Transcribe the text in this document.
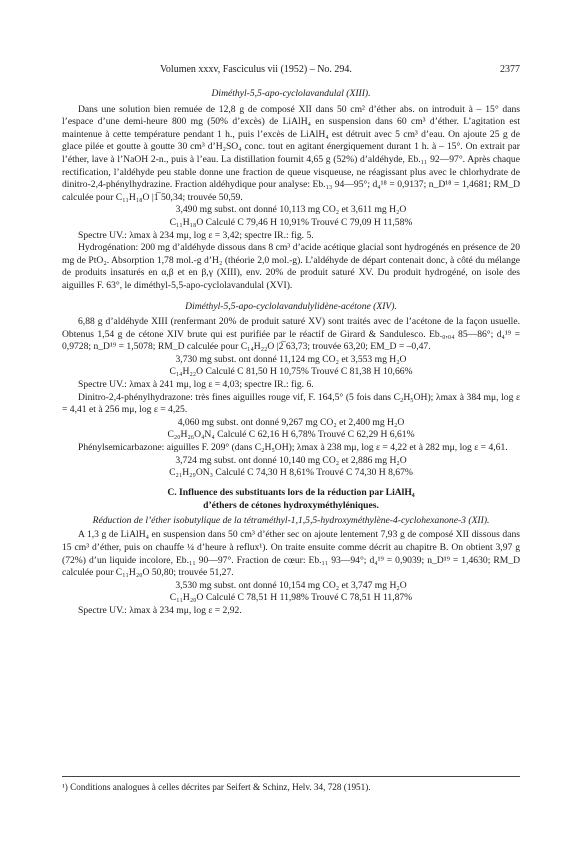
Volumen xxxv, Fasciculus vii (1952) – No. 294.	2377
Diméthyl-5,5-apo-cyclolavandulal (XIII).
Dans une solution bien remuée de 12,8 g de composé XII dans 50 cm² d’éther abs. on introduit à – 15° dans l’espace d’une demi-heure 800 mg (50% d’excès) de LiAlH₄ en suspension dans 60 cm³ d’éther. L’agitation est maintenue à cette température pendant 1 h., puis l’excès de LiAlH₄ est détruit avec 5 cm³ d’eau. On ajoute 25 g de glace pilée et goutte à goutte 30 cm³ d’H₂SO₄ conc. tout en agitant énergiquement durant 1 h. à – 15°. On extrait par l’éther, lave à l’NaOH 2-n., puis à l’eau. La distillation fournit 4,65 g (52%) d’aldéhyde, Eb.₁₁ 92—97°. Après chaque rectification, l’aldéhyde peu stable donne une fraction de queue visqueuse, ne réagissant plus avec le chlorhydrate de dinitro-2,4-phénylhydrazine. Fraction aldéhydique pour analyse: Eb.₁₃ 94—95°; d₄¹⁸ = 0,9137; n_D¹⁸ = 1,4681; RM_D calculée pour C₁₁H₁₈O |1̅ 50,34; trouvée 50,59.
3,490 mg subst. ont donné 10,113 mg CO₂ et 3,611 mg H₂O
C₁₁H₁₈O Calculé C 79,46 H 10,91% Trouvé C 79,09 H 11,58%
Spectre UV.: λmax à 234 mμ, log ε = 3,42; spectre IR.: fig. 5.
Hydrogénation: 200 mg d’aldéhyde dissous dans 8 cm³ d’acide acétique glacial sont hydrogénés en présence de 20 mg de PtO₂. Absorption 1,78 mol.-g d’H₂ (théorie 2,0 mol.-g). L’aldéhyde de départ contenait donc, à côté du mélange de produits insaturés en α,β et en β,γ (XIII), env. 20% de produit saturé XV. Du produit hydrogéné, on isole des aiguilles F. 63°, le diméthyl-5,5-apo-cyclolavandulal (XVI).
Diméthyl-5,5-apo-cyclolavandulylidène-acétone (XIV).
6,88 g d’aldéhyde XIII (renfermant 20% de produit saturé XV) sont traités avec de l’acétone de la façon usuelle. Obtenus 1,54 g de cétone XIV brute qui est purifiée par le réactif de Girard & Sandulesco. Eb.₀,₀₄ 85—86°; d₄¹⁹ = 0,9728; n_D¹⁹ = 1,5078; RM_D calculée pour C₁₄H₂₂O |2̅ 63,73; trouvée 63,20; EM_D = –0,47.
3,730 mg subst. ont donné 11,124 mg CO₂ et 3,553 mg H₂O
C₁₄H₂₂O Calculé C 81,50 H 10,75% Trouvé C 81,38 H 10,66%
Spectre UV.: λmax à 241 mμ, log ε = 4,03; spectre IR.: fig. 6.
Dinitro-2,4-phénylhydrazone: très fines aiguilles rouge vif, F. 164,5° (5 fois dans C₂H₅OH); λmax à 384 mμ, log ε = 4,41 et à 256 mμ, log ε = 4,25.
4,060 mg subst. ont donné 9,267 mg CO₂ et 2,400 mg H₂O
C₂₀H₂₆O₄N₄ Calculé C 62,16 H 6,78% Trouvé C 62,29 H 6,61%
Phénylsemicarbazone: aiguilles F. 209° (dans C₂H₅OH); λmax à 238 mμ, log ε = 4,22 et à 282 mμ, log ε = 4,61.
3,724 mg subst. ont donné 10,140 mg CO₂ et 2,886 mg H₂O
C₂₁H₂₉ON₃ Calculé C 74,30 H 8,61% Trouvé C 74,30 H 8,67%
C. Influence des substituants lors de la réduction par LiAlH₄
d’éthers de cétones hydroxyméthyléniques.
Réduction de l’éther isobutylique de la tétraméthyl-1,1,5,5-hydroxyméthylène-4-cyclohexanone-3 (XII).
A 1,3 g de LiAlH₄ en suspension dans 50 cm³ d’éther sec on ajoute lentement 7,93 g de composé XII dissous dans 15 cm³ d’éther, puis on chauffe ¼ d’heure à reflux¹). On traite ensuite comme décrit au chapitre B. On obtient 3,97 g (72%) d’un liquide incolore, Eb.₁₁ 90—97°. Fraction de cœur: Eb.₁₁ 93—94°; d₄¹⁹ = 0,9039; n_D¹⁹ = 1,4630; RM_D calculée pour C₁₁H₂₀O 50,80; trouvée 51,27.
3,530 mg subst. ont donné 10,154 mg CO₂ et 3,747 mg H₂O
C₁₁H₂₀O Calculé C 78,51 H 11,98% Trouvé C 78,51 H 11,87%
Spectre UV.: λmax à 234 mμ, log ε = 2,92.
¹) Conditions analogues à celles décrites par Seifert & Schinz, Helv. 34, 728 (1951).
